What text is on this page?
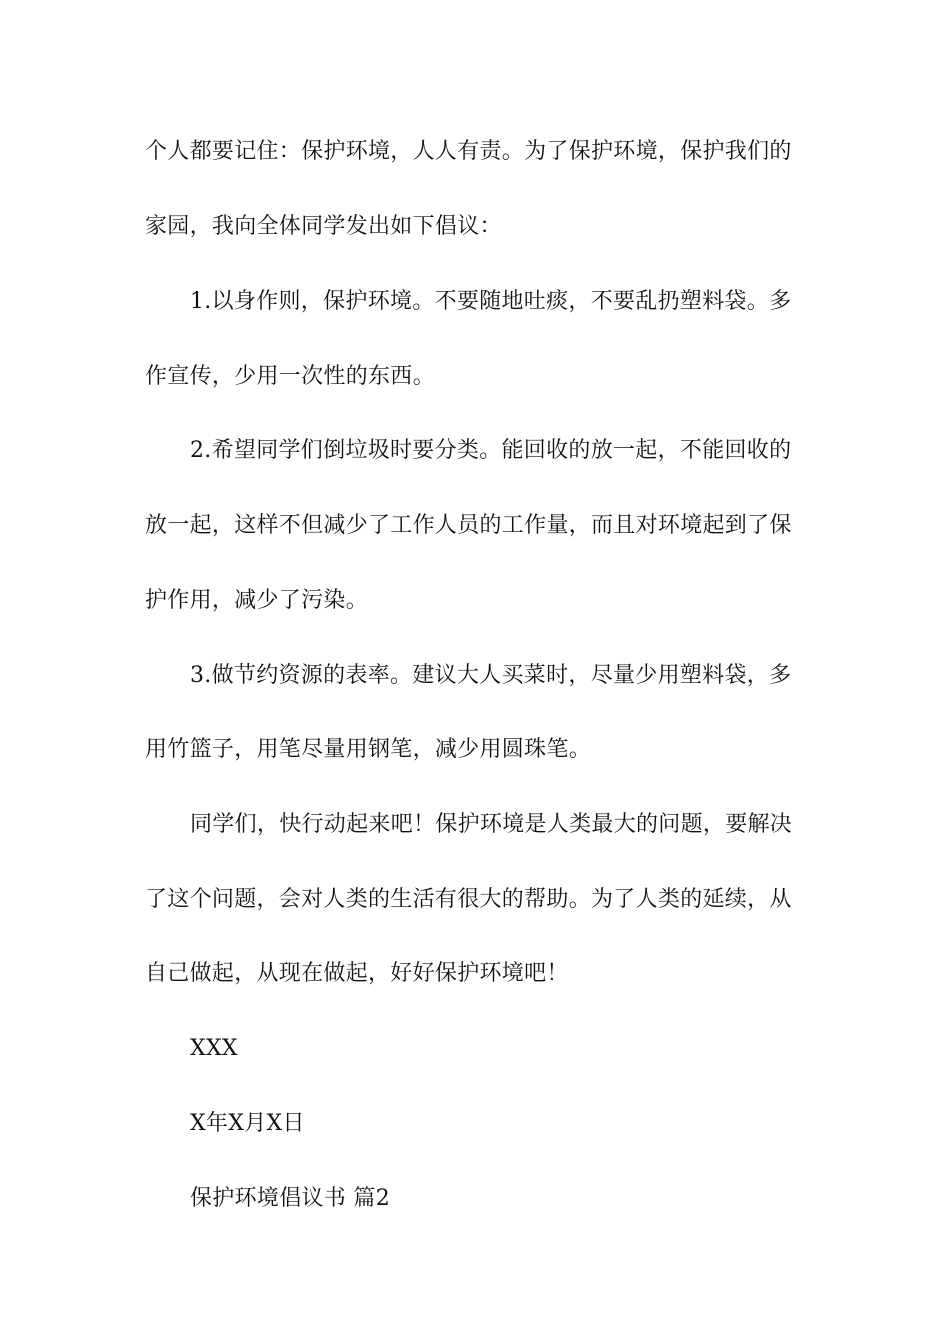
个人都要记住：保护环境，人人有责。为了保护环境，保护我们的
家园，我向全体同学发出如下倡议：
1.以身作则，保护环境。不要随地吐痰，不要乱扔塑料袋。多
作宣传，少用一次性的东西。
2.希望同学们倒垃圾时要分类。能回收的放一起，不能回收的
放一起，这样不但减少了工作人员的工作量，而且对环境起到了保
护作用，减少了污染。
3.做节约资源的表率。建议大人买菜时，尽量少用塑料袋，多
用竹篮子，用笔尽量用钢笔，减少用圆珠笔。
同学们，快行动起来吧！保护环境是人类最大的问题，要解决
了这个问题，会对人类的生活有很大的帮助。为了人类的延续，从
自己做起，从现在做起，好好保护环境吧！
XXX
X年X月X日
保护环境倡议书 篇2
